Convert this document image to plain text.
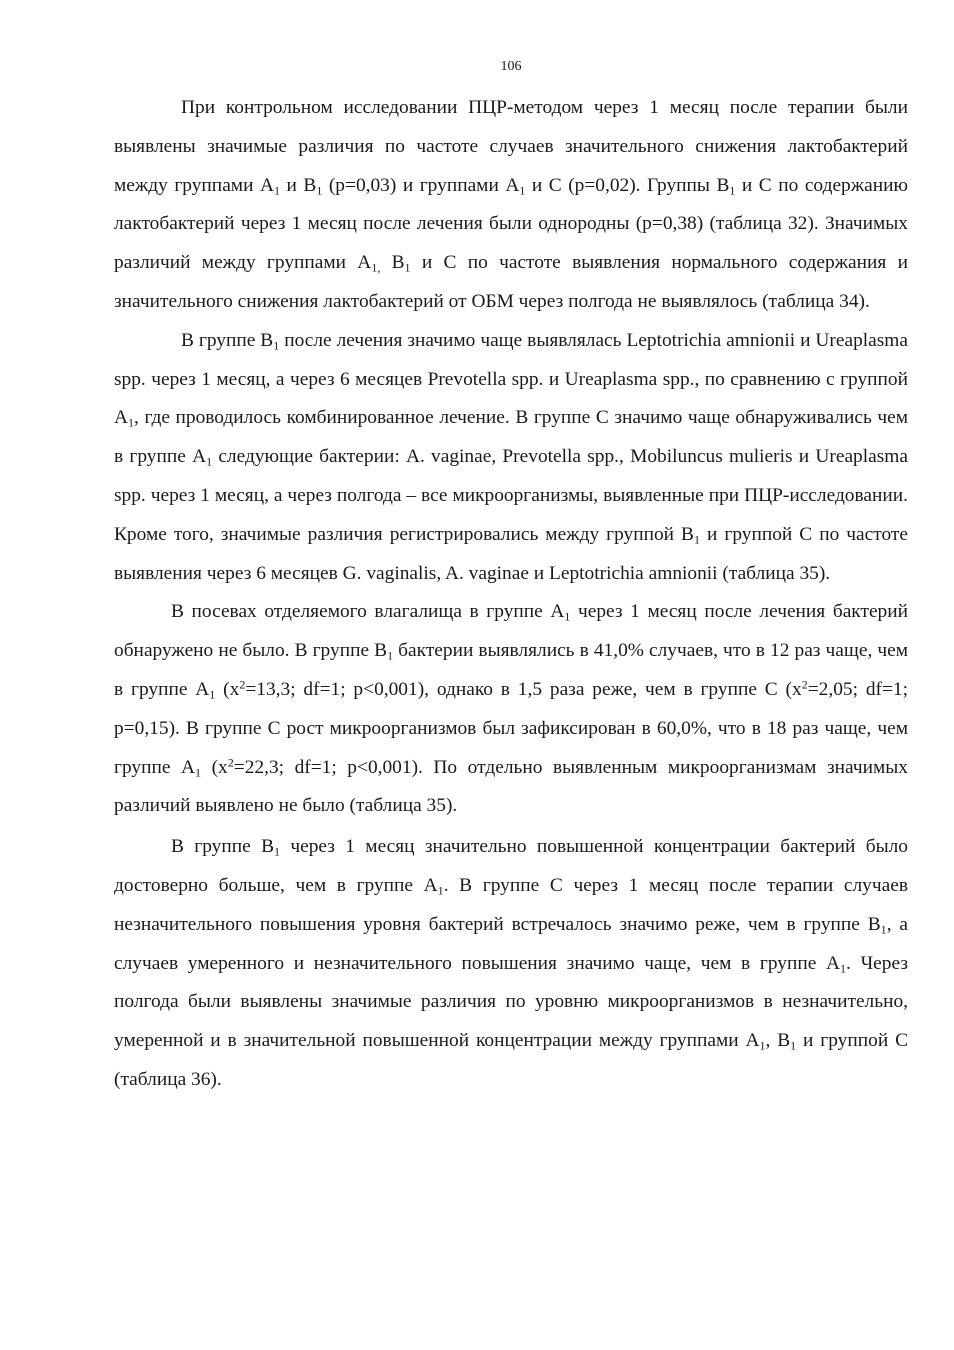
106

При контрольном исследовании ПЦР-методом через 1 месяц после терапии были выявлены значимые различия по частоте случаев значительного снижения лактобактерий между группами $А_1$ и $В_1$ (р=0,03) и группами $А_1$ и С (р=0,02). Группы $В_1$ и С по содержанию лактобактерий через 1 месяц после лечения были однородны (р=0,38) (таблица 32). Значимых различий между группами $А_{1,}$ $В_1$ и С по частоте выявления нормального содержания и значительного снижения лактобактерий от ОБМ через полгода не выявлялось (таблица 34).

В группе $В_1$ после лечения значимо чаще выявлялась Leptotrichia amnionii и Ureaplasma spp. через 1 месяц, а через 6 месяцев Prevotella spp. и Ureaplasma spp., по сравнению с группой $А_1$, где проводилось комбинированное лечение. В группе С значимо чаще обнаруживались чем в группе $А_1$ следующие бактерии: A. vaginae, Prevotella spp., Mobiluncus mulieris и Ureaplasma spp. через 1 месяц, а через полгода – все микроорганизмы, выявленные при ПЦР-исследовании. Кроме того, значимые различия регистрировались между группой $В_1$ и группой С по частоте выявления через 6 месяцев G. vaginalis, A. vaginae и Leptotrichia amnionii (таблица 35).

В посевах отделяемого влагалища в группе $А_1$ через 1 месяц после лечения бактерий обнаружено не было. В группе $В_1$ бактерии выявлялись в 41,0% случаев, что в 12 раз чаще, чем в группе $А_1$ ($х^2=13,3$; df=1; р<0,001), однако в 1,5 раза реже, чем в группе С ($х^2=2,05$; df=1; р=0,15). В группе С рост микроорганизмов был зафиксирован в 60,0%, что в 18 раз чаще, чем группе $А_1$ ($х^2=22,3$; df=1; р<0,001). По отдельно выявленным микроорганизмам значимых различий выявлено не было (таблица 35).

В группе $В_1$ через 1 месяц значительно повышенной концентрации бактерий было достоверно больше, чем в группе $А_1$. В группе С через 1 месяц после терапии случаев незначительного повышения уровня бактерий встречалось значимо реже, чем в группе $В_1$, а случаев умеренного и незначительного повышения значимо чаще, чем в группе $А_1$. Через полгода были выявлены значимые различия по уровню микроорганизмов в незначительно, умеренной и в значительной повышенной концентрации между группами $А_1$, $В_1$ и группой С (таблица 36).
